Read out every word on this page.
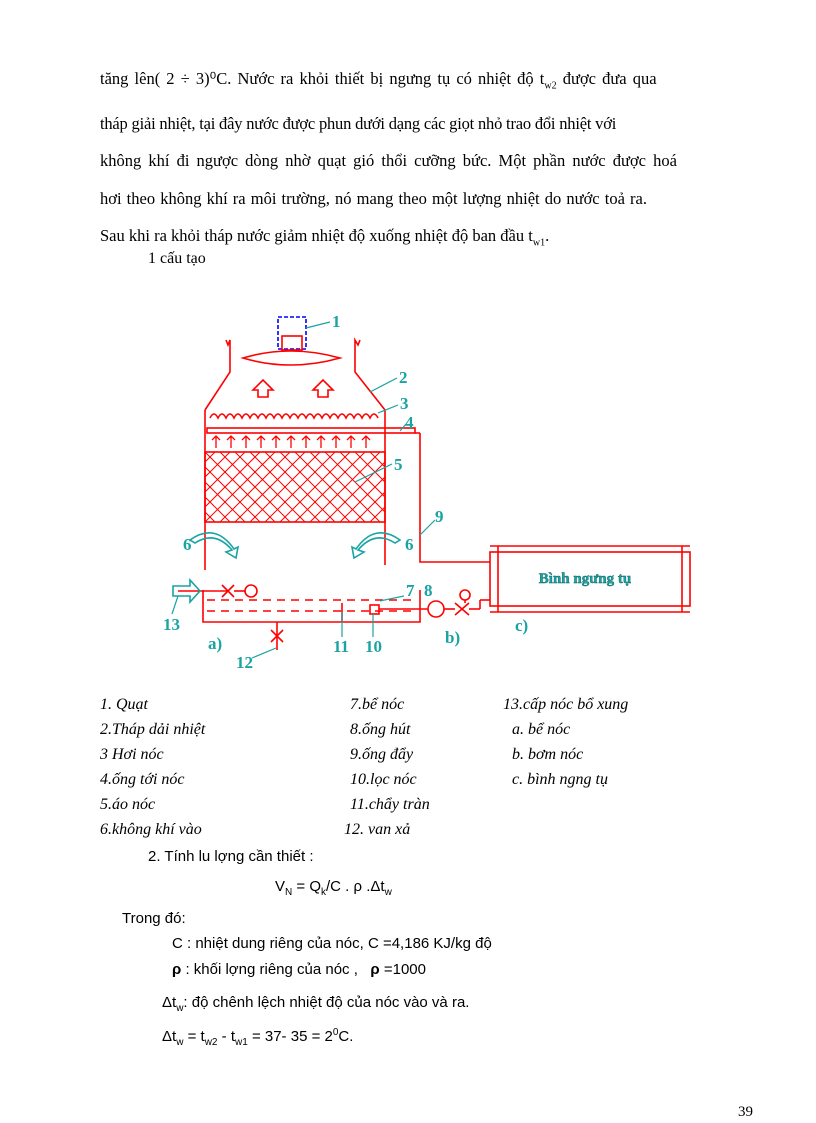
tăng lên( 2 ÷ 3)⁰C. Nước ra khỏi thiết bị ngưng tụ có nhiệt độ $t_{w2}$ được đưa qua
tháp giải nhiệt, tại đây nước được phun dưới dạng các giọt nhỏ trao đổi nhiệt với
không khí đi ngược dòng nhờ quạt gió thổi cưỡng bức. Một phần nước được hoá
hơi theo không khí ra môi trường, nó mang theo một lượng nhiệt do nước toả ra.
Sau khi ra khỏi tháp nước giảm nhiệt độ xuống nhiệt độ ban đầu $t_{w1}$.
1 cấu tạo
Bình ngưng tụ
1
2
3
4
5
6	6
7 8
9
10
11
12
13
a)	b)
c)
1. Quạt
2.Tháp dải nhiệt
3 Hơi nóc
4.ống tới nóc
5.áo nóc
6.không khí vào
7.bể nóc
8.ống hút
9.ống đẩy
10.lọc nóc
11.chẩy tràn
12. van xả
13.cấp nóc bổ xung
a. bể nóc
b. bơm nóc
c. bình ngng tụ
2. Tính lu lợng cần thiết :
$V_N = Q_k/C$ . ρ $.\Delta t_w$
Trong đó:
C : nhiệt dung riêng của nóc, C =4,186 KJ/kg độ
ρ : khối lợng riêng của nóc , ρ =1000
$\Delta t_w$: độ chênh lệch nhiệt độ của nóc vào và ra.
$\Delta t_w = t_{w2} - t_{w1} = 37-$ $35 = 2^0C$.
39
